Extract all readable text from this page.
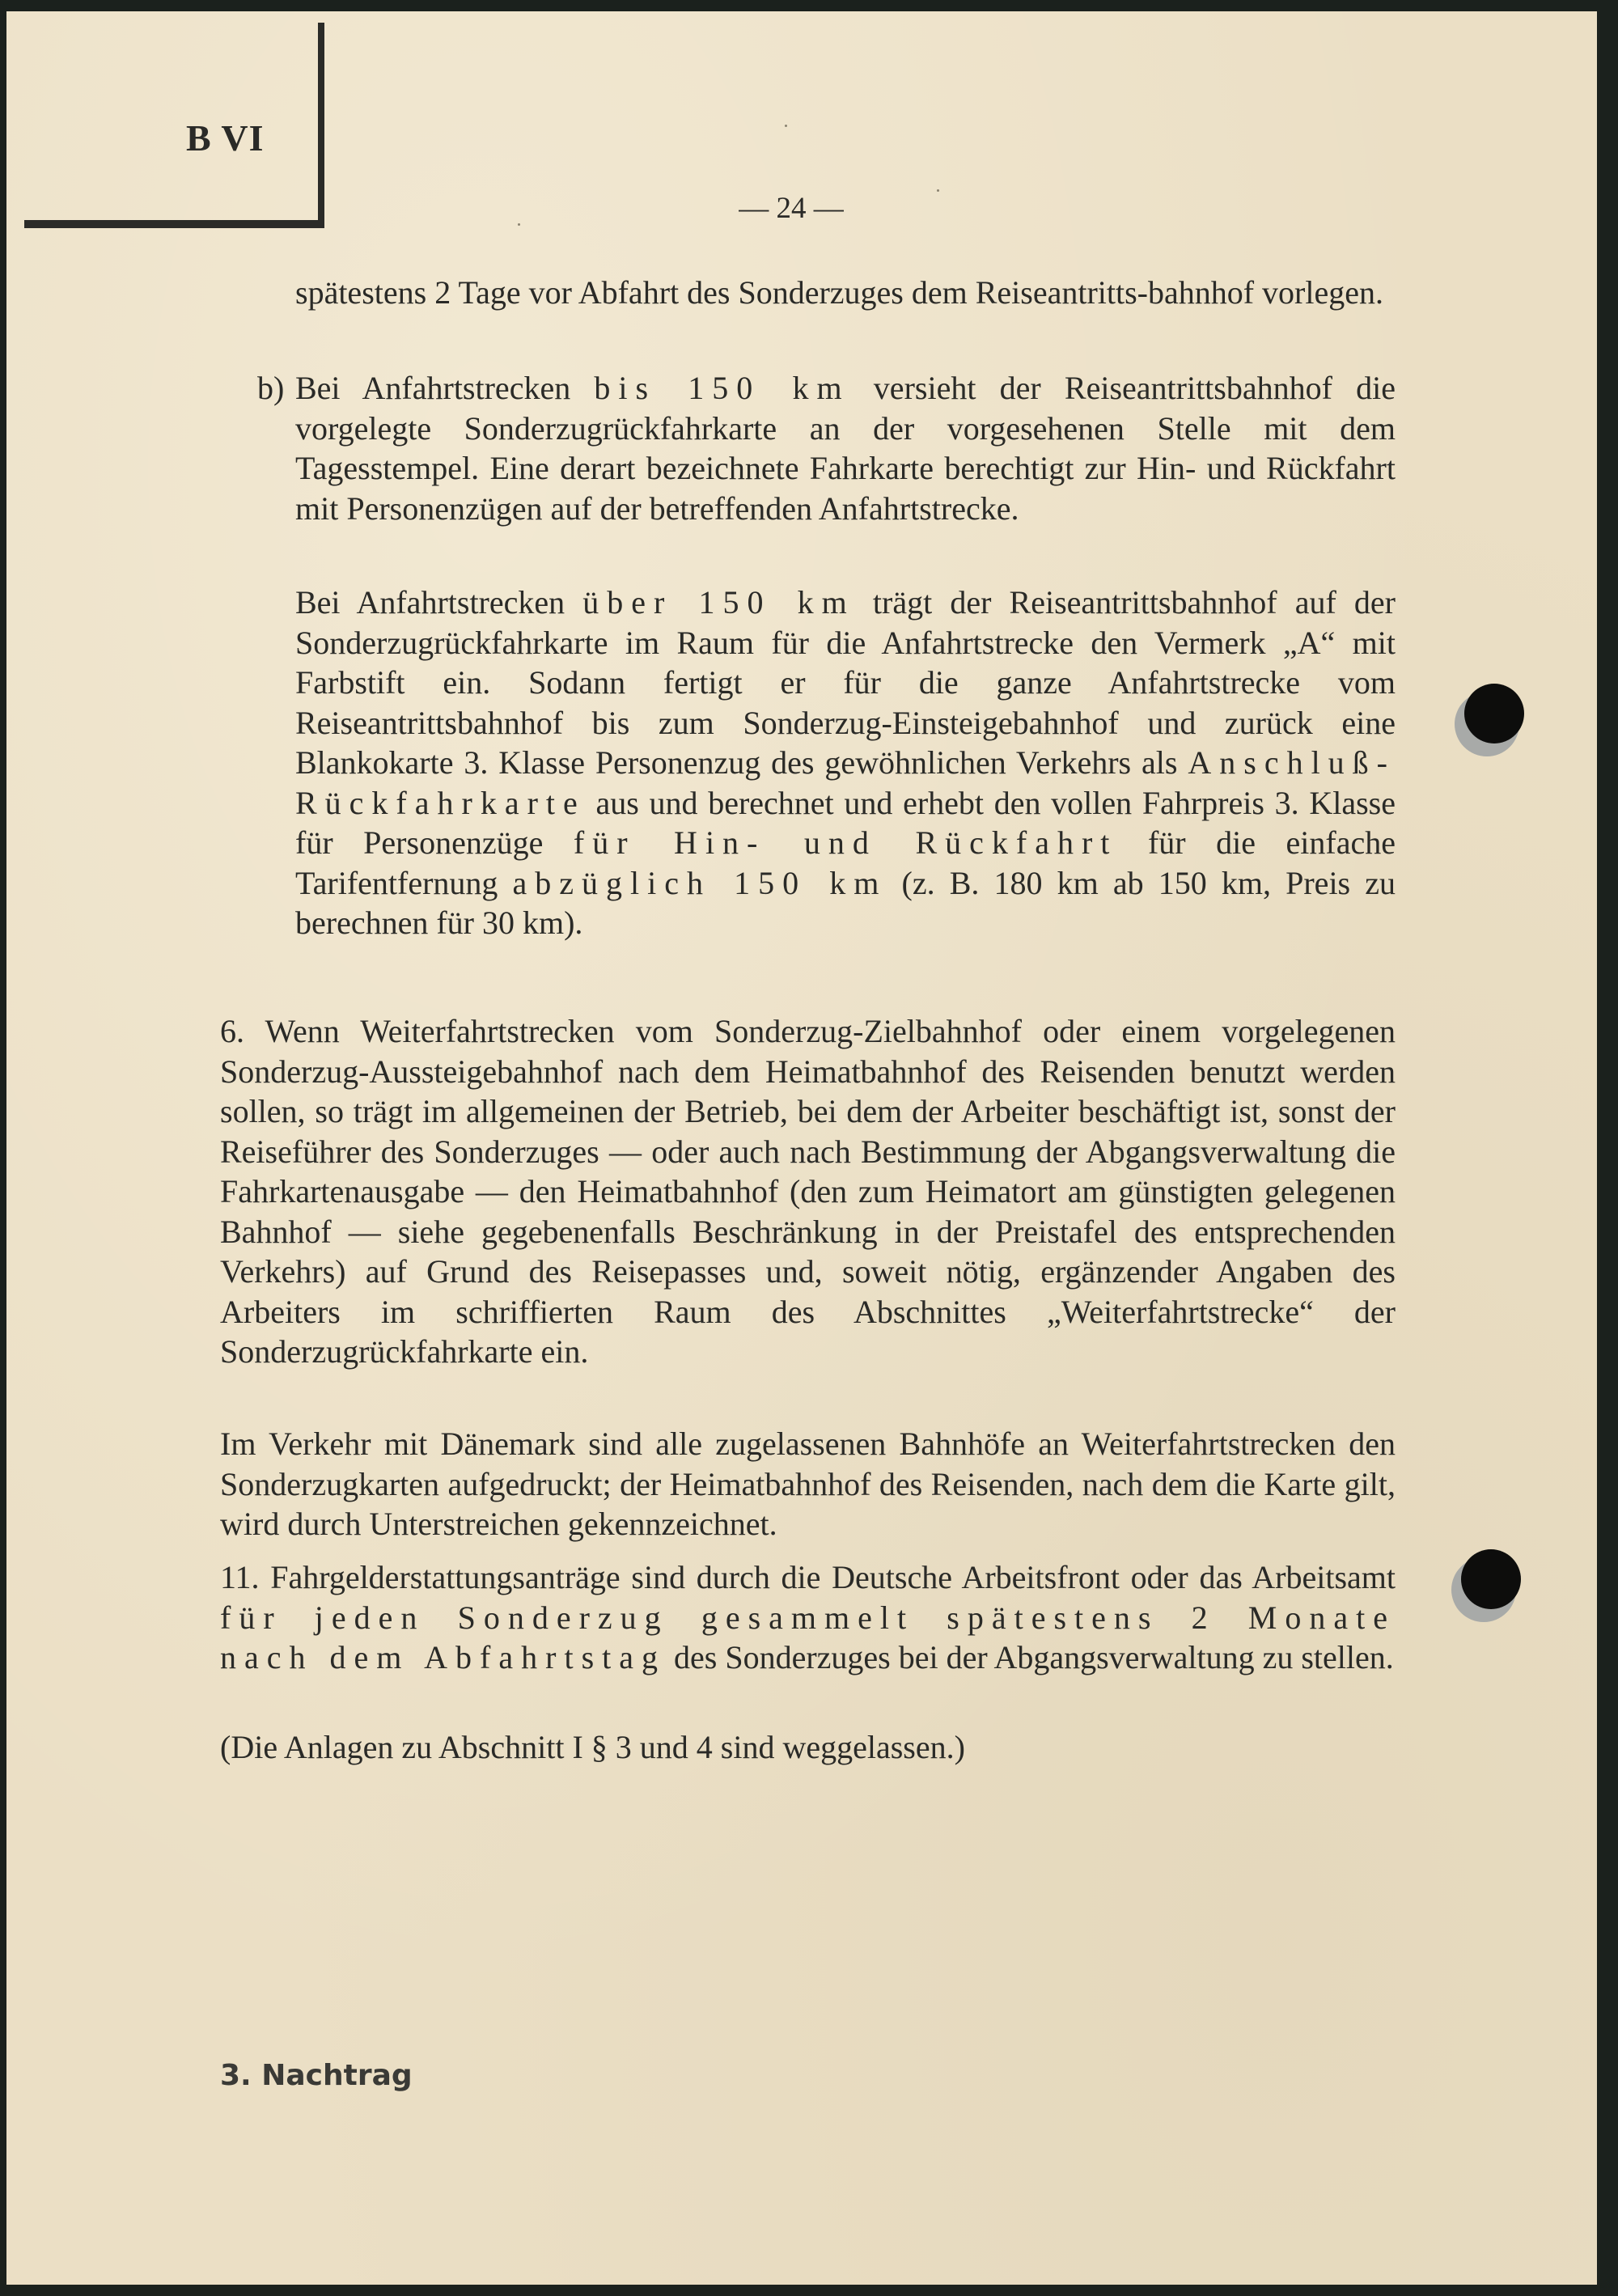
B VI
— 24 —

spätestens 2 Tage vor Abfahrt des Sonderzuges dem Reiseantritts-bahnhof vorlegen.

b) Bei Anfahrtstrecken bis 150 km versieht der Reiseantrittsbahnhof die vorgelegte Sonderzugrückfahrkarte an der vorgesehenen Stelle mit dem Tagesstempel. Eine derart bezeichnete Fahrkarte berechtigt zur Hin- und Rückfahrt mit Personenzügen auf der betreffenden Anfahrtstrecke.

Bei Anfahrtstrecken über 150 km trägt der Reiseantrittsbahnhof auf der Sonderzugrückfahrkarte im Raum für die Anfahrtstrecke den Vermerk „A“ mit Farbstift ein. Sodann fertigt er für die ganze Anfahrtstrecke vom Reiseantrittsbahnhof bis zum Sonderzug-Einsteigebahnhof und zurück eine Blankokarte 3. Klasse Personenzug des gewöhnlichen Verkehrs als Anschluß-Rückfahrkarte aus und berechnet und erhebt den vollen Fahrpreis 3. Klasse für Personenzüge für Hin- und Rückfahrt für die einfache Tarifentfernung abzüglich 150 km (z. B. 180 km ab 150 km, Preis zu berechnen für 30 km).

6. Wenn Weiterfahrtstrecken vom Sonderzug-Zielbahnhof oder einem vorgelegenen Sonderzug-Aussteigebahnhof nach dem Heimatbahnhof des Reisenden benutzt werden sollen, so trägt im allgemeinen der Betrieb, bei dem der Arbeiter beschäftigt ist, sonst der Reiseführer des Sonderzuges — oder auch nach Bestimmung der Abgangsverwaltung die Fahrkartenausgabe — den Heimatbahnhof (den zum Heimatort am günstigten gelegenen Bahnhof — siehe gegebenenfalls Beschränkung in der Preistafel des entsprechenden Verkehrs) auf Grund des Reisepasses und, soweit nötig, ergänzender Angaben des Arbeiters im schriffierten Raum des Abschnittes „Weiterfahrtstrecke“ der Sonderzugrückfahrkarte ein.

Im Verkehr mit Dänemark sind alle zugelassenen Bahnhöfe an Weiterfahrtstrecken den Sonderzugkarten aufgedruckt; der Heimatbahnhof des Reisenden, nach dem die Karte gilt, wird durch Unterstreichen gekennzeichnet.

11. Fahrgelderstattungsanträge sind durch die Deutsche Arbeitsfront oder das Arbeitsamt für jeden Sonderzug gesammelt spätestens 2 Monate nach dem Abfahrtstag des Sonderzuges bei der Abgangsverwaltung zu stellen.

(Die Anlagen zu Abschnitt I § 3 und 4 sind weggelassen.)

3. Nachtrag
